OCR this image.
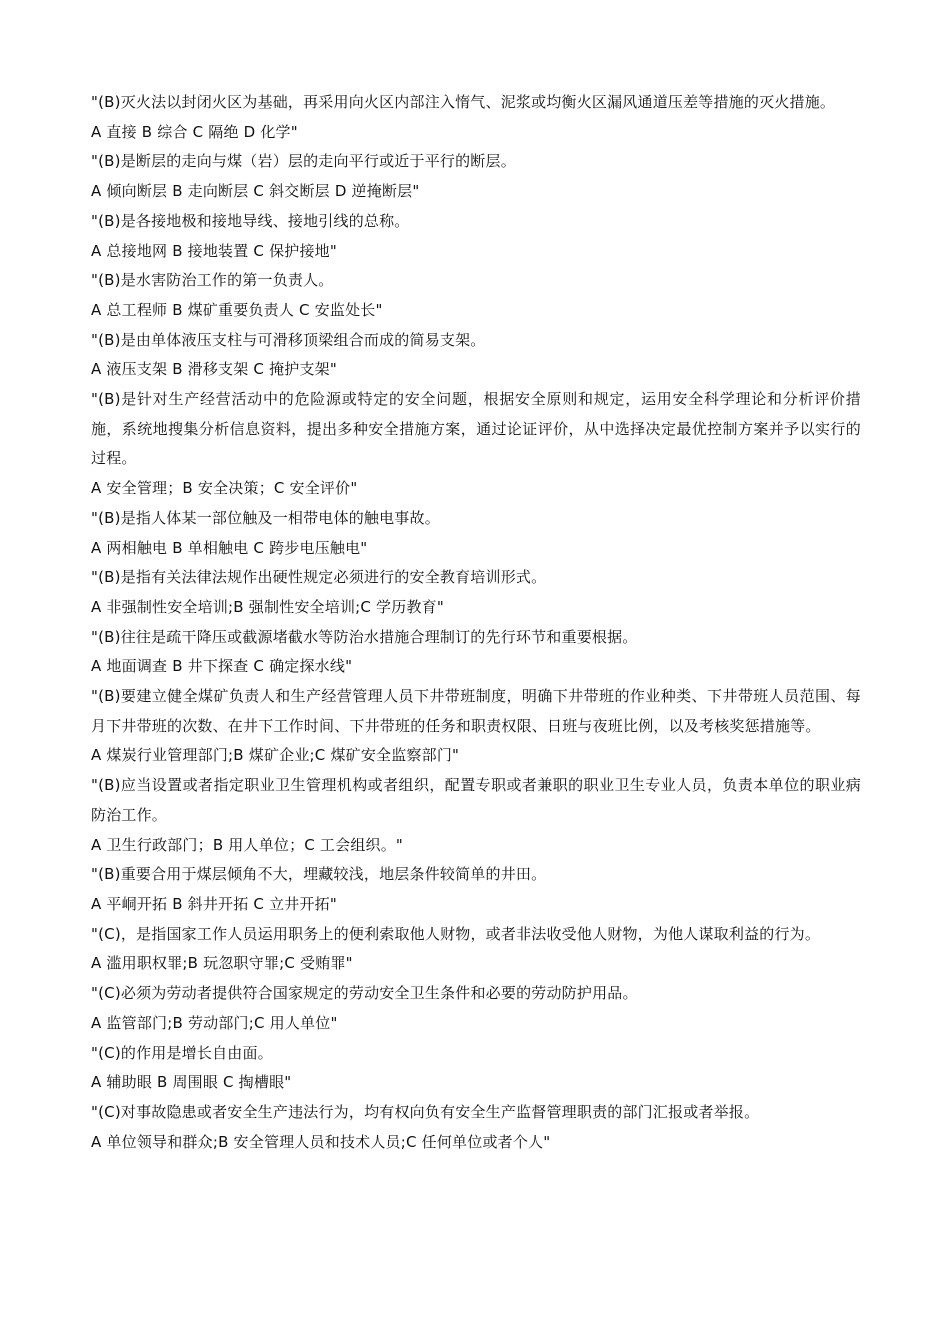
"(B)灭火法以封闭火区为基础，再采用向火区内部注入惰气、泥浆或均衡火区漏风通道压差等措施的灭火措施。

A 直接 B 综合 C 隔绝 D 化学"

"(B)是断层的走向与煤（岩）层的走向平行或近于平行的断层。

A 倾向断层 B 走向断层 C 斜交断层 D 逆掩断层"

"(B)是各接地极和接地导线、接地引线的总称。

A 总接地网 B 接地装置 C 保护接地"

"(B)是水害防治工作的第一负责人。

A 总工程师 B 煤矿重要负责人 C 安监处长"

"(B)是由单体液压支柱与可滑移顶梁组合而成的简易支架。

A 液压支架 B 滑移支架 C 掩护支架"

"(B)是针对生产经营活动中的危险源或特定的安全问题，根据安全原则和规定，运用安全科学理论和分析评价措施，系统地搜集分析信息资料，提出多种安全措施方案，通过论证评价，从中选择决定最优控制方案并予以实行的过程。

A 安全管理；B 安全决策；C 安全评价"

"(B)是指人体某一部位触及一相带电体的触电事故。

A 两相触电 B 单相触电 C 跨步电压触电"

"(B)是指有关法律法规作出硬性规定必须进行的安全教育培训形式。

A 非强制性安全培训;B 强制性安全培训;C 学历教育"

"(B)往往是疏干降压或截源堵截水等防治水措施合理制订的先行环节和重要根据。

A 地面调查 B 井下探查 C 确定探水线"

"(B)要建立健全煤矿负责人和生产经营管理人员下井带班制度，明确下井带班的作业种类、下井带班人员范围、每月下井带班的次数、在井下工作时间、下井带班的任务和职责权限、日班与夜班比例，以及考核奖惩措施等。

A 煤炭行业管理部门;B 煤矿企业;C 煤矿安全监察部门"

"(B)应当设置或者指定职业卫生管理机构或者组织，配置专职或者兼职的职业卫生专业人员，负责本单位的职业病防治工作。

A 卫生行政部门；B 用人单位；C 工会组织。"

"(B)重要合用于煤层倾角不大，埋藏较浅，地层条件较简单的井田。

A 平峒开拓 B 斜井开拓 C 立井开拓"

"(C)，是指国家工作人员运用职务上的便利索取他人财物，或者非法收受他人财物，为他人谋取利益的行为。

A 滥用职权罪;B 玩忽职守罪;C 受贿罪"

"(C)必须为劳动者提供符合国家规定的劳动安全卫生条件和必要的劳动防护用品。

A 监管部门;B 劳动部门;C 用人单位"

"(C)的作用是增长自由面。

A 辅助眼 B 周围眼 C 掏槽眼"

"(C)对事故隐患或者安全生产违法行为，均有权向负有安全生产监督管理职责的部门汇报或者举报。

A 单位领导和群众;B 安全管理人员和技术人员;C 任何单位或者个人"
